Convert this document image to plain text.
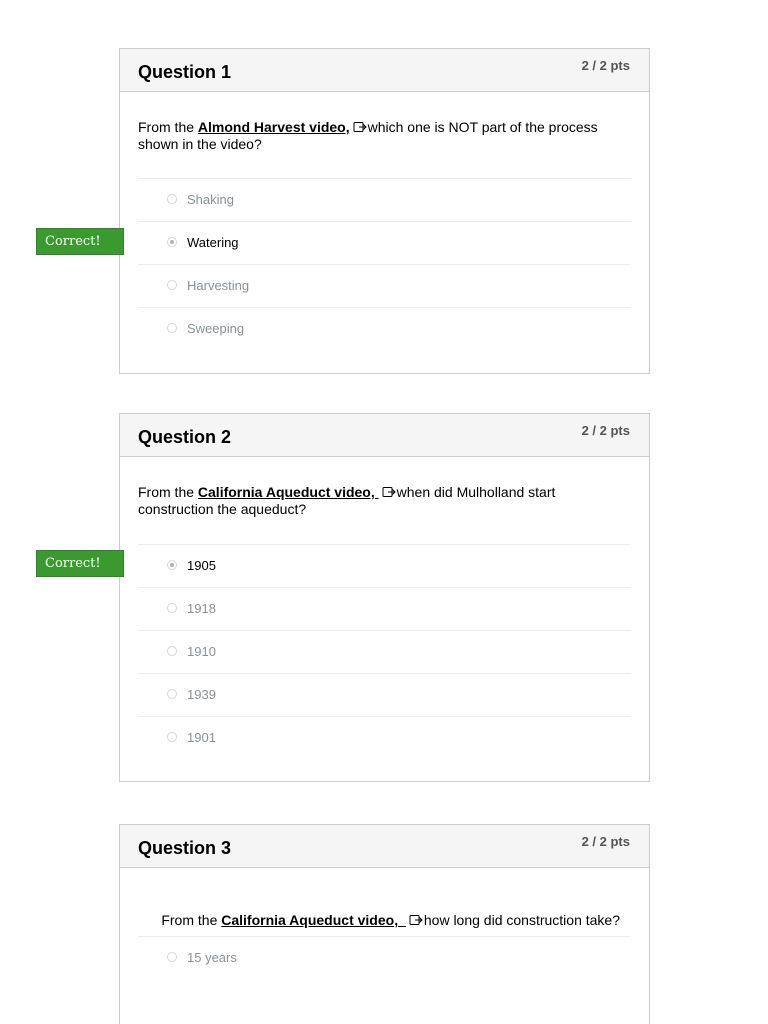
Question 1	2 / 2 pts
From the Almond Harvest video, which one is NOT part of the process shown in the video?
Shaking
Watering
Harvesting
Sweeping
Correct!
Question 2	2 / 2 pts
From the California Aqueduct video, when did Mulholland start construction the aqueduct?
1905
1918
1910
1939
1901
Correct!
Question 3	2 / 2 pts

From the California Aqueduct video,  how long did construction take?

15 years
